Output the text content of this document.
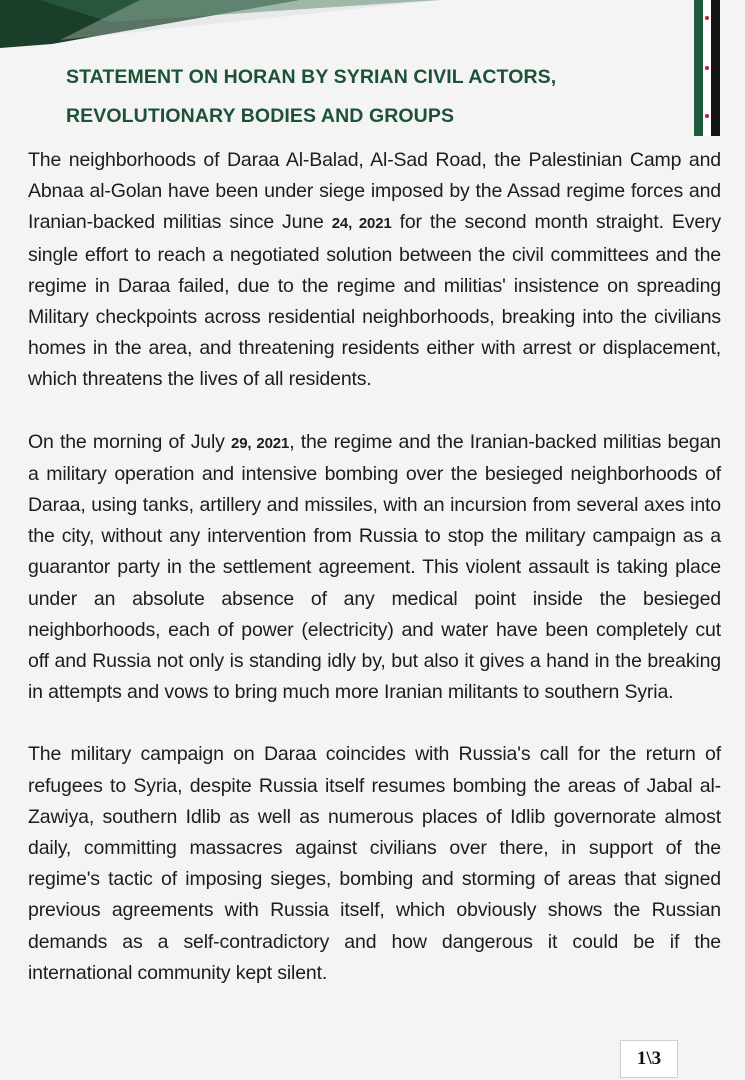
STATEMENT ON HORAN BY SYRIAN CIVIL ACTORS,
REVOLUTIONARY BODIES AND GROUPS

The neighborhoods of Daraa Al-Balad, Al-Sad Road, the Palestinian Camp and Abnaa al-Golan have been under siege imposed by the Assad regime forces and Iranian-backed militias since June 24, 2021 for the second month straight. Every single effort to reach a negotiated solution between the civil committees and the regime in Daraa failed, due to the regime and militias' insistence on spreading Military checkpoints across residential neighborhoods, breaking into the civilians homes in the area, and threatening residents either with arrest or displacement, which threatens the lives of all residents.

On the morning of July 29, 2021, the regime and the Iranian-backed militias began a military operation and intensive bombing over the besieged neighborhoods of Daraa, using tanks, artillery and missiles, with an incursion from several axes into the city, without any intervention from Russia to stop the military campaign as a guarantor party in the settlement agreement. This violent assault is taking place under an absolute absence of any medical point inside the besieged neighborhoods, each of power (electricity) and water have been completely cut off and Russia not only is standing idly by, but also it gives a hand in the breaking in attempts and vows to bring much more Iranian militants to southern Syria.

The military campaign on Daraa coincides with Russia's call for the return of refugees to Syria, despite Russia itself resumes bombing the areas of Jabal al-Zawiya, southern Idlib as well as numerous places of Idlib governorate almost daily, committing massacres against civilians over there, in support of the regime's tactic of imposing sieges, bombing and storming of areas that signed previous agreements with Russia itself, which obviously shows the Russian demands as a self-contradictory and how dangerous it could be if the international community kept silent.

1\3
